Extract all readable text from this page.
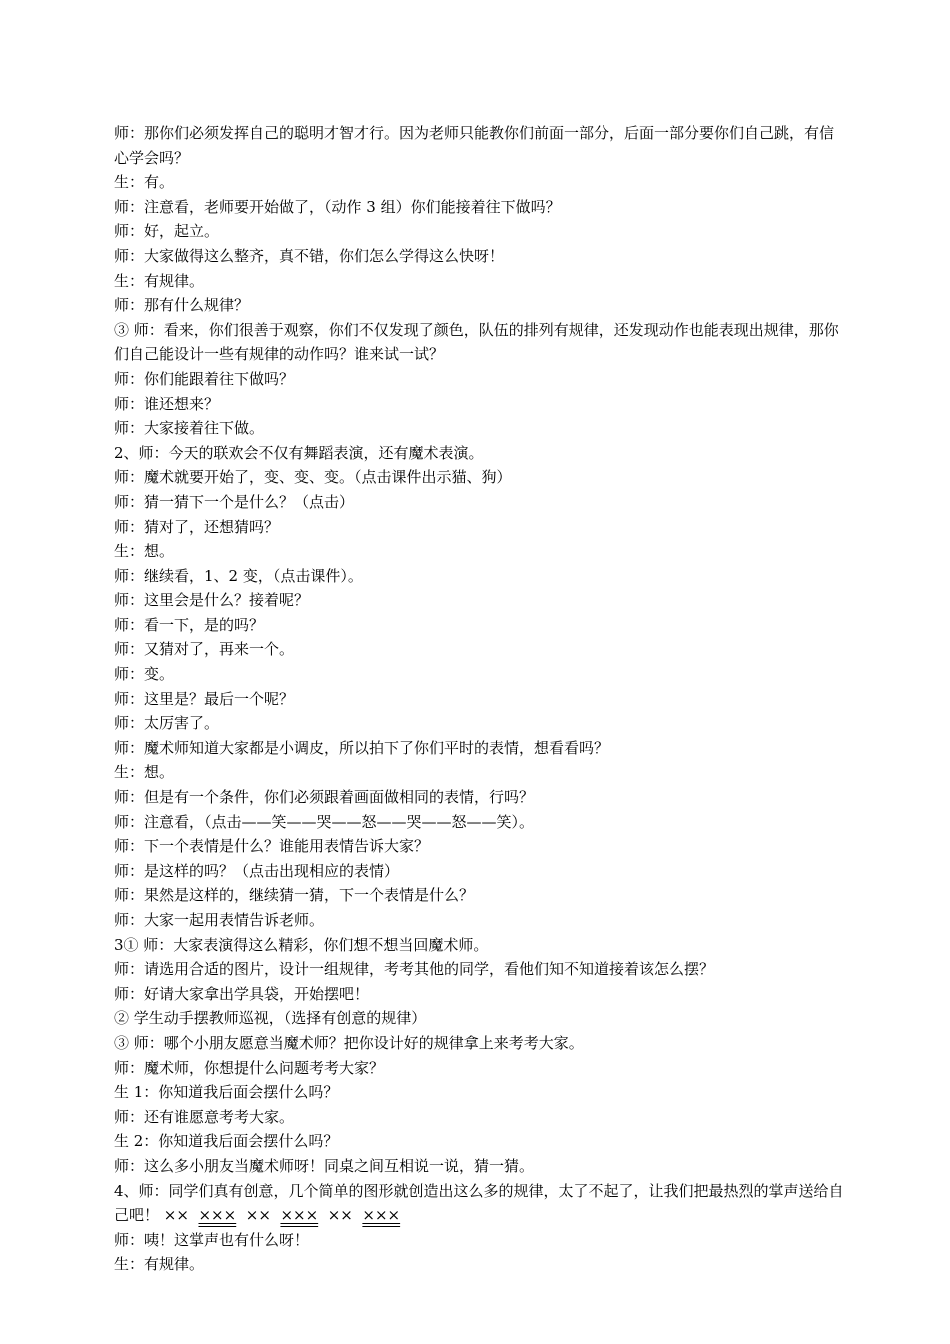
师：那你们必须发挥自己的聪明才智才行。因为老师只能教你们前面一部分，后面一部分要你们自己跳，有信心学会吗？
生：有。
师：注意看，老师要开始做了，（动作 3 组）你们能接着往下做吗？
师：好，起立。
师：大家做得这么整齐，真不错，你们怎么学得这么快呀！
生：有规律。
师：那有什么规律？
③ 师：看来，你们很善于观察，你们不仅发现了颜色，队伍的排列有规律，还发现动作也能表现出规律，那你们自己能设计一些有规律的动作吗？谁来试一试？
师：你们能跟着往下做吗？
师：谁还想来？
师：大家接着往下做。
2、师：今天的联欢会不仅有舞蹈表演，还有魔术表演。
师：魔术就要开始了，变、变、变。（点击课件出示猫、狗）
师：猜一猜下一个是什么？（点击）
师：猜对了，还想猜吗？
生：想。
师：继续看，1、2 变，（点击课件）。
师：这里会是什么？接着呢？
师：看一下，是的吗？
师：又猜对了，再来一个。
师：变。
师：这里是？最后一个呢？
师：太厉害了。
师：魔术师知道大家都是小调皮，所以拍下了你们平时的表情，想看看吗？
生：想。
师：但是有一个条件，你们必须跟着画面做相同的表情，行吗？
师：注意看，（点击——笑——哭——怒——哭——怒——笑）。
师：下一个表情是什么？谁能用表情告诉大家？
师：是这样的吗？（点击出现相应的表情）
师：果然是这样的，继续猜一猜，下一个表情是什么？
师：大家一起用表情告诉老师。
3① 师：大家表演得这么精彩，你们想不想当回魔术师。
师：请选用合适的图片，设计一组规律，考考其他的同学，看他们知不知道接着该怎么摆？
师：好请大家拿出学具袋，开始摆吧！
② 学生动手摆教师巡视，（选择有创意的规律）
③ 师：哪个小朋友愿意当魔术师？把你设计好的规律拿上来考考大家。
师：魔术师，你想提什么问题考考大家？
生 1：你知道我后面会摆什么吗？
师：还有谁愿意考考大家。
生 2：你知道我后面会摆什么吗？
师：这么多小朋友当魔术师呀！同桌之间互相说一说，猜一猜。
4、师：同学们真有创意，几个简单的图形就创造出这么多的规律，太了不起了，让我们把最热烈的掌声送给自己吧！ ×× ××× ×× ××× ×× ×××
师：咦！这掌声也有什么呀！
生：有规律。
